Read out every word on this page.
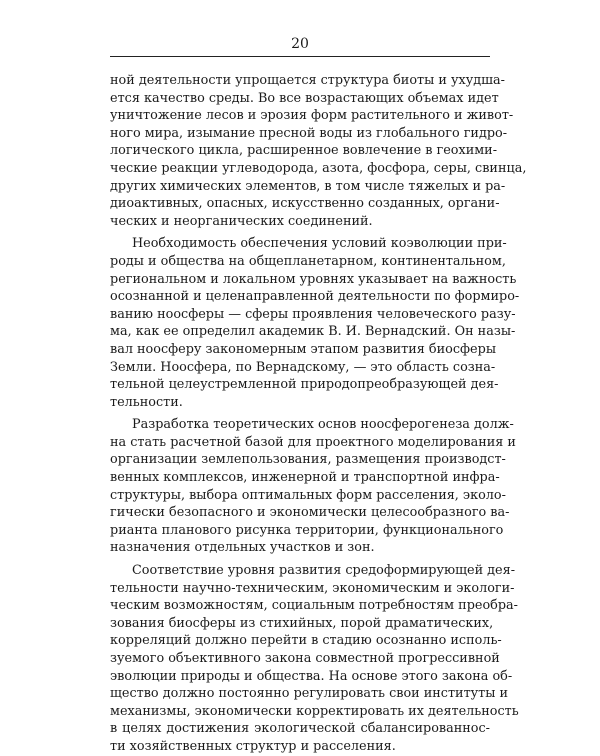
20
ной деятельности упрощается структура биоты и ухудша-
ется качество среды. Во все возрастающих объемах идет
уничтожение лесов и эрозия форм растительного и живот-
ного мира, изымание пресной воды из глобального гидро-
логического цикла, расширенное вовлечение в геохими-
ческие реакции углеводорода, азота, фосфора, серы, свинца,
других химических элементов, в том числе тяжелых и ра-
диоактивных, опасных, искусственно созданных, органи-
ческих и неорганических соединений.
Необходимость обеспечения условий коэволюции при-
роды и общества на общепланетарном, континентальном,
региональном и локальном уровнях указывает на важность
осознанной и целенаправленной деятельности по формиро-
ванию ноосферы — сферы проявления человеческого разу-
ма, как ее определил академик В. И. Вернадский. Он назы-
вал ноосферу закономерным этапом развития биосферы
Земли. Ноосфера, по Вернадскому, — это область сознa-
тельной целеустремленной природопреобразующей дея-
тельности.
Разработка теоретических основ ноосферогенеза долж-
на стать расчетной базой для проектного моделирования и
организации землепользования, размещения производст-
венных комплексов, инженерной и транспортной инфра-
структуры, выбора оптимальных форм расселения, эколо-
гически безопасного и экономически целесообразного ва-
рианта планового рисунка территории, функционального
назначения отдельных участков и зон.
Соответствие уровня развития средоформирующей дея-
тельности научно-техническим, экономическим и экологи-
ческим возможностям, социальным потребностям преобра-
зования биосферы из стихийных, порой драматических,
корреляций должно перейти в стадию осознанно исполь-
зуемого объективного закона совместной прогрессивной
эволюции природы и общества. На основе этого закона об-
щество должно постоянно регулировать свои институты и
механизмы, экономически корректировать их деятельность
в целях достижения экологической сбалансированнос-
ти хозяйственных структур и расселения.
